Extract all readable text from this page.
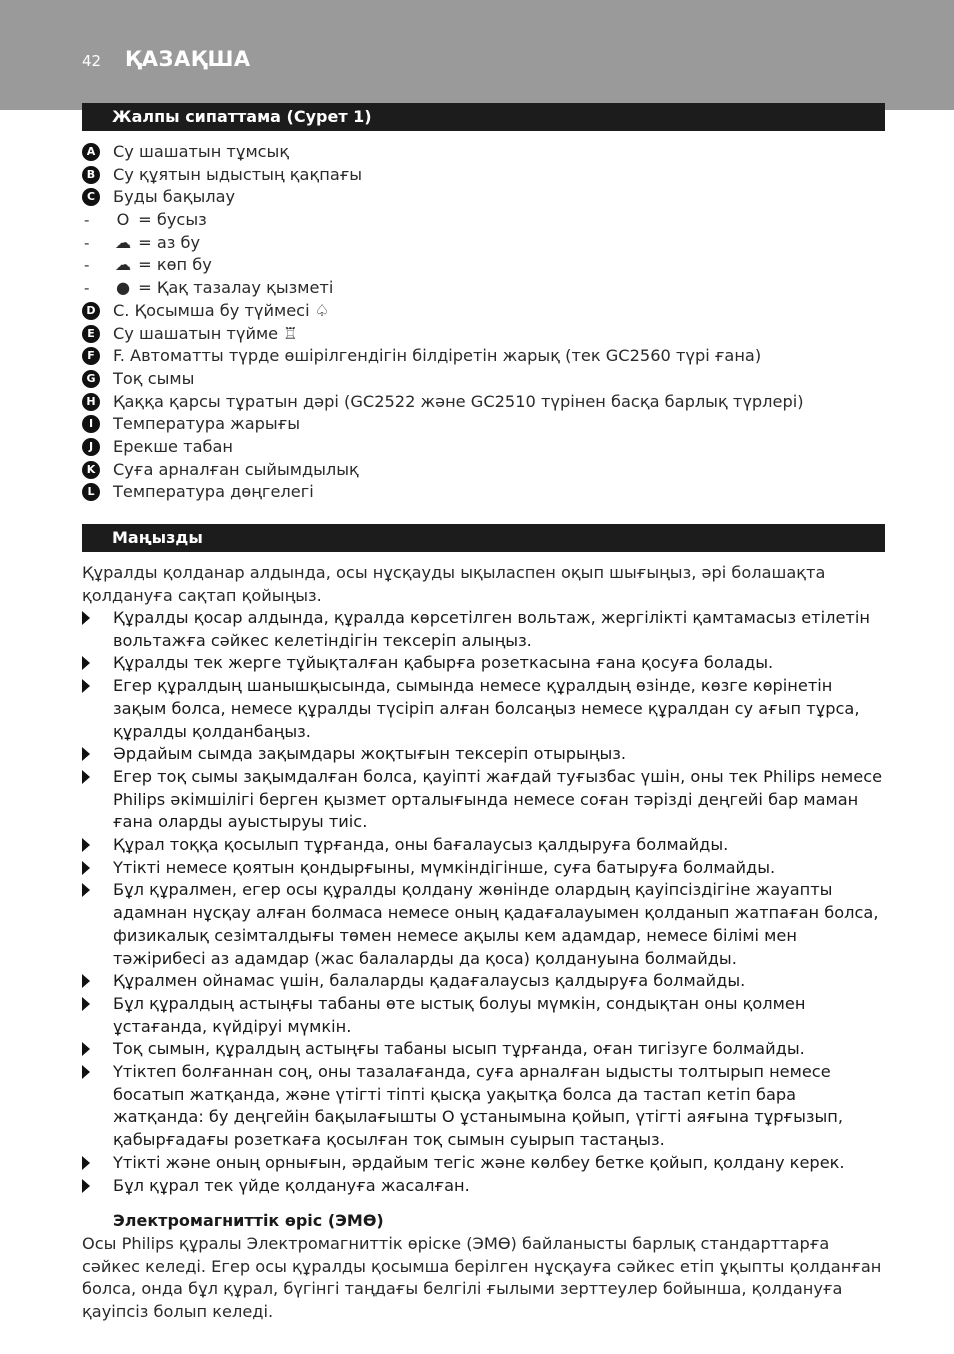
42 ҚАЗАҚША
Жалпы сипаттама (Сурет 1)
A Су шашатын тұмсық
B Су құятын ыдыстың қақпағы
C	Буды бақылау
- O = бусыз
- ☁ = аз бу
- ☁ = көп бу
- ● = Қақ тазалау қызметі
D C. Қосымша бу түймесі ♤
E	Су шашатын түйме ♖
F	F. Автоматты түрде өшірілгендігін білдіретін жарық (тек GC2560 түрі ғана)
G Тоқ сымы
H Қаққа қарсы тұратын дәрі (GC2522 және GC2510 түрінен басқа барлық түрлері)
I	Температура жарығы
J	Ерекше табан
K Суға арналған сыйымдылық
L	Температура дөңгелегі
Маңызды

Құралды қолданар алдында, осы нұсқауды ықыласпен оқып шығыңыз, әрі болашақта қолдануға сақтап қойыңыз.

Құралды қосар алдында, құралда көрсетілген вольтаж, жергілікті қамтамасыз етілетін вольтажға сәйкес келетіндігін тексеріп алыңыз.
Құралды тек жерге тұйықталған қабырға розеткасына ғана қосуға болады.
Егер құралдың шанышқысында, сымында немесе құралдың өзінде, көзге көрінетін зақым болса, немесе құралды түсіріп алған болсаңыз немесе құралдан су ағып тұрса, құралды қолданбаңыз.
Әрдайым сымда зақымдары жоқтығын тексеріп отырыңыз.
Егер тоқ сымы зақымдалған болса, қауіпті жағдай туғызбас үшін, оны тек Philips немесе Philips әкімшілігі берген қызмет орталығында немесе соған тәрізді деңгейі бар маман ғана оларды ауыстыруы тиіс.
Құрал тоққа қосылып тұрғанда, оны бағалаусыз қалдыруға болмайды.
Үтікті немесе қоятын қондырғыны, мүмкіндігінше, суға батыруға болмайды.
Бұл құралмен, егер осы құралды қолдану жөнінде олардың қауіпсіздігіне жауапты адамнан нұсқау алған болмаса немесе оның қадағалауымен қолданып жатпаған болса, физикалық сезімталдығы төмен немесе ақылы кем адамдар, немесе білімі мен тәжірибесі аз адамдар (жас балаларды да қоса) қолдануына болмайды.
Құралмен ойнамас үшін, балаларды қадағалаусыз қалдыруға болмайды.
Бұл құралдың астыңғы табаны өте ыстық болуы мүмкін, сондықтан оны қолмен ұстағанда, күйдіруі мүмкін.
Тоқ сымын, құралдың астыңғы табаны ысып тұрғанда, оған тигізуге болмайды.
Үтіктеп болғаннан соң, оны тазалағанда, суға арналған ыдысты толтырып немесе босатып жатқанда, және үтігті тіпті қысқа уақытқа болса да тастап кетіп бара жатқанда: бу деңгейін бақылағышты O ұстанымына қойып, үтігті аяғына тұрғызып, қабырғадағы розеткаға қосылған тоқ сымын суырып тастаңыз.
Үтікті және оның орнығын, әрдайым тегіс және көлбеу бетке қойып, қолдану керек.
Бұл құрал тек үйде қолдануға жасалған.
Электромагниттік өріс (ЭМӨ)

Осы Philips құралы Электромагниттік өріске (ЭМӨ) байланысты барлық стандарттарға сәйкес келеді. Егер осы құралды қосымша берілген нұсқауға сәйкес етіп ұқыпты қолданған болса, онда бұл құрал, бүгінгі таңдағы белгілі ғылыми зерттеулер бойынша, қолдануға қауіпсіз болып келеді.
